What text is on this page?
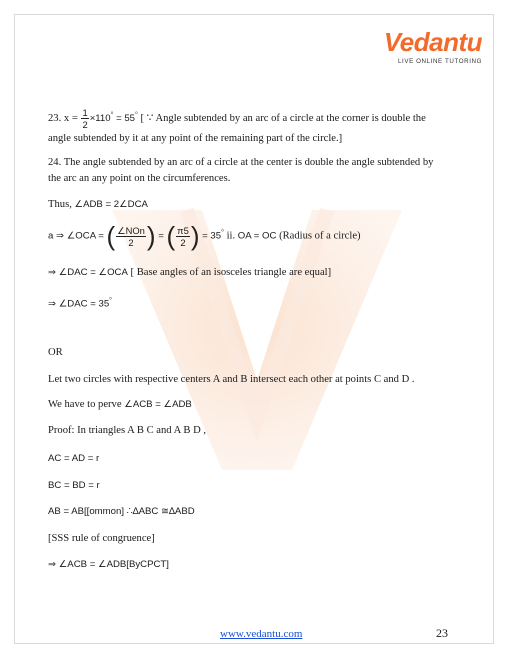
Vedantu
LIVE ONLINE TUTORING
23. $x = \frac{1}{2} \times 110^\circ = 55^\circ$ [ ∵ Angle subtended by an arc of a circle at the corner is double the
angle subtended by it at any point of the remaining part of the circle.]
24. The angle subtended by an arc of a circle at the center is double the angle subtended by
the arc an any point on the circumferences.
Thus, ∠ADB = 2∠DCA
a ⇒ ∠OCA = ( $\frac{\text{∠NOn}}{2}$ ) = ( $\frac{\pi 5}{2}$ ) = 35° ii. OA = OC (Radius of a circle)
⇒ ∠DAC = ∠OCA [ Base angles of an isosceles triangle are equal]
⇒ ∠DAC = 35°
OR
Let two circles with respective centers A and B intersect each other at points C and D .
We have to perve ∠ACB = ∠ADB
Proof: In triangles A B C and A B D ,
AC = AD = r
BC = BD = r
AB = AB[[ommon] ∴∆ABC ≅∆ABD
[SSS rule of congruence]
⇒ ∠ACB = ∠ADB[ByCPCT]
www.vedantu.com	23
